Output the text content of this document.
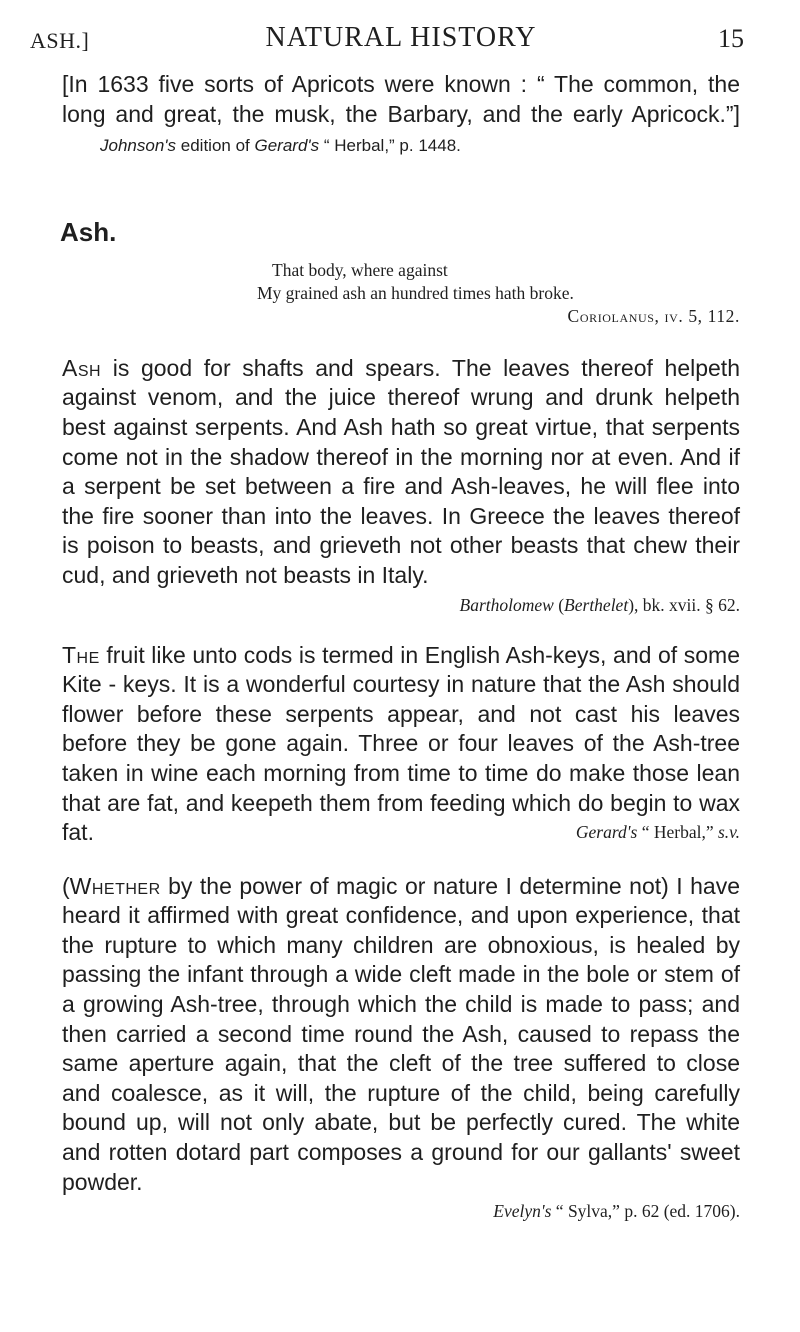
ASH.]	NATURAL HISTORY	15

[In 1633 five sorts of Apricots were known : “ The common, the long and great, the musk, the Barbary, and the early Apricock.”] Johnson's edition of Gerard's “ Herbal,” p. 1448.

Ash.
That body, where against
My grained ash an hundred times hath broke.
Coriolanus, iv. 5, 112.

Ash is good for shafts and spears. The leaves thereof helpeth against venom, and the juice thereof wrung and drunk helpeth best against serpents. And Ash hath so great virtue, that serpents come not in the shadow thereof in the morning nor at even. And if a serpent be set between a fire and Ash-leaves, he will flee into the fire sooner than into the leaves. In Greece the leaves thereof is poison to beasts, and grieveth not other beasts that chew their cud, and grieveth not beasts in Italy.

Bartholomew (Berthelet), bk. xvii. § 62.

The fruit like unto cods is termed in English Ash-keys, and of some Kite - keys. It is a wonderful courtesy in nature that the Ash should flower before these serpents appear, and not cast his leaves before they be gone again. Three or four leaves of the Ash-tree taken in wine each morning from time to time do make those lean that are fat, and keepeth them from feeding which do begin to wax fat.	Gerard's “ Herbal,” s.v.

(Whether by the power of magic or nature I determine not) I have heard it affirmed with great confidence, and upon experience, that the rupture to which many children are obnoxious, is healed by passing the infant through a wide cleft made in the bole or stem of a growing Ash-tree, through which the child is made to pass; and then carried a second time round the Ash, caused to repass the same aperture again, that the cleft of the tree suffered to close and coalesce, as it will, the rupture of the child, being carefully bound up, will not only abate, but be perfectly cured. The white and rotten dotard part composes a ground for our gallants' sweet powder.

Evelyn's “ Sylva,” p. 62 (ed. 1706).
